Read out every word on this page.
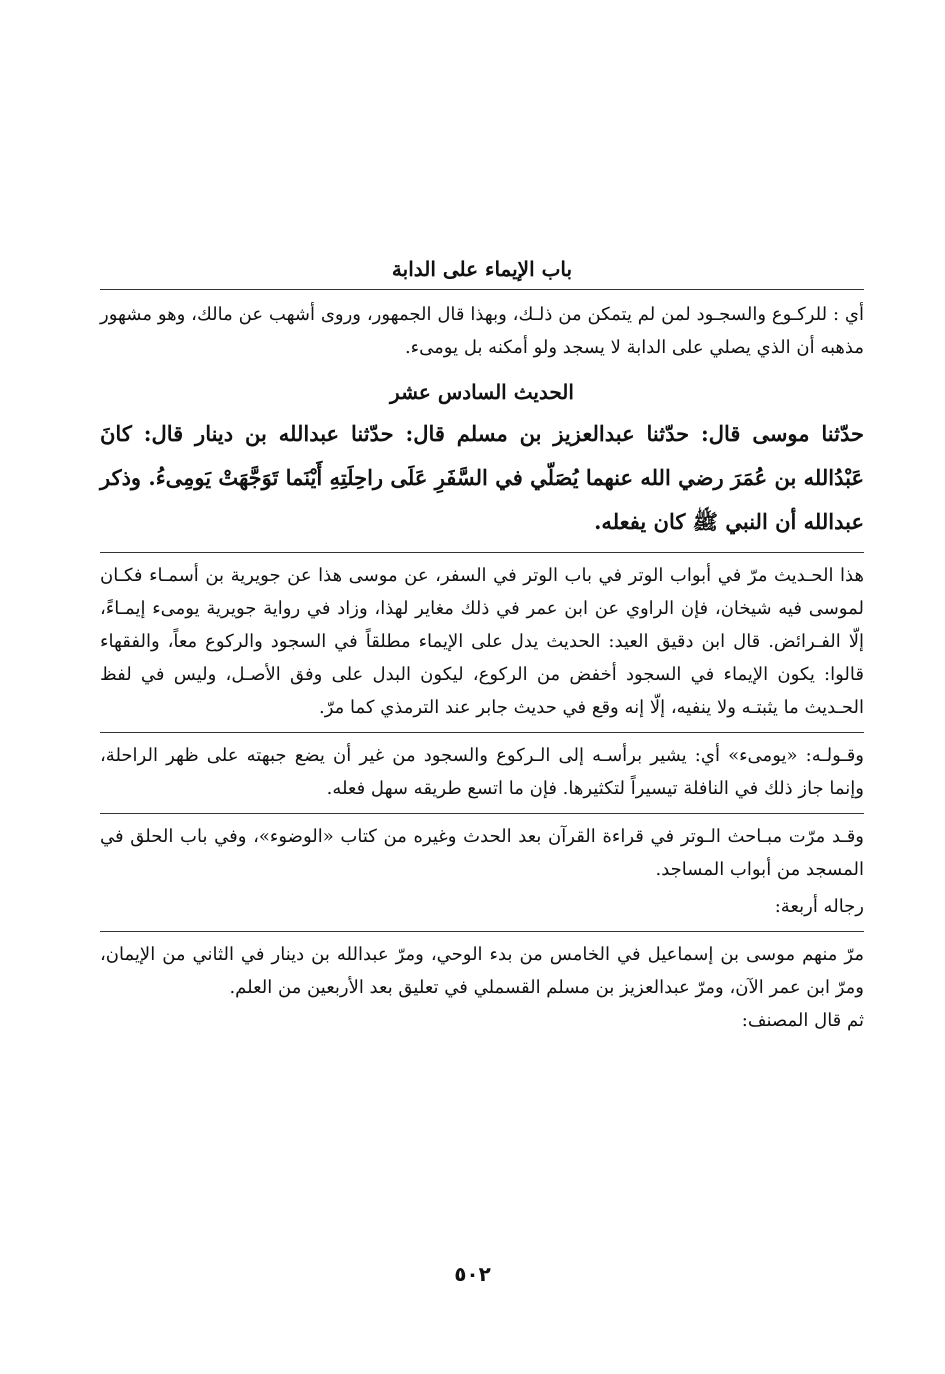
باب الإيماء على الدابة

أي : للركـوع والسجـود لمن لم يتمكن من ذلـك، وبهذا قال الجمهور، وروى أشهب عن مالك، وهو مشهور مذهبه أن الذي يصلي على الدابة لا يسجد ولو أمكنه بل يومىء.

الحديث السادس عشر

حدّثنا موسى قال: حدّثنا عبدالعزيز بن مسلم قال: حدّثنا عبدالله بن دينار قال: كانَ عَبْدُالله بن عُمَرَ رضي الله عنهما يُصَلّي في السَّفَرِ عَلَى راحِلَتِهِ أَيْنَما تَوَجَّهَتْ يَومِىءُ. وذكر عبدالله أن النبي ﷺ كان يفعله.

هذا الحـديث مرّ في أبواب الوتر في باب الوتر في السفر، عن موسى هذا عن جويرية بن أسمـاء فكـان لموسى فيه شيخان، فإن الراوي عن ابن عمر في ذلك مغاير لهذا، وزاد في رواية جويرية يومىء إيمـاءً، إلّا الفـرائض. قال ابن دقيق العيد: الحديث يدل على الإيماء مطلقاً في السجود والركوع معاً، والفقهاء قالوا: يكون الإيماء في السجود أخفض من الركوع، ليكون البدل على وفق الأصـل، وليس في لفظ الحـديث ما يثبتـه ولا ينفيه، إلّا إنه وقع في حديث جابر عند الترمذي كما مرّ.

وقـولـه: «يومىء» أي: يشير برأسـه إلى الـركوع والسجود من غير أن يضع جبهته على ظهر الراحلة، وإنما جاز ذلك في النافلة تيسيراً لتكثيرها. فإن ما اتسع طريقه سهل فعله.

وقـد مرّت مبـاحث الـوتر في قراءة القرآن بعد الحدث وغيره من كتاب «الوضوء»، وفي باب الحلق في المسجد من أبواب المساجد.

رجاله أربعة:

مرّ منهم موسى بن إسماعيل في الخامس من بدء الوحي، ومرّ عبدالله بن دينار في الثاني من الإيمان، ومرّ ابن عمر الآن، ومرّ عبدالعزيز بن مسلم القسملي في تعليق بعد الأربعين من العلم.

ثم قال المصنف:

٥٠٢
